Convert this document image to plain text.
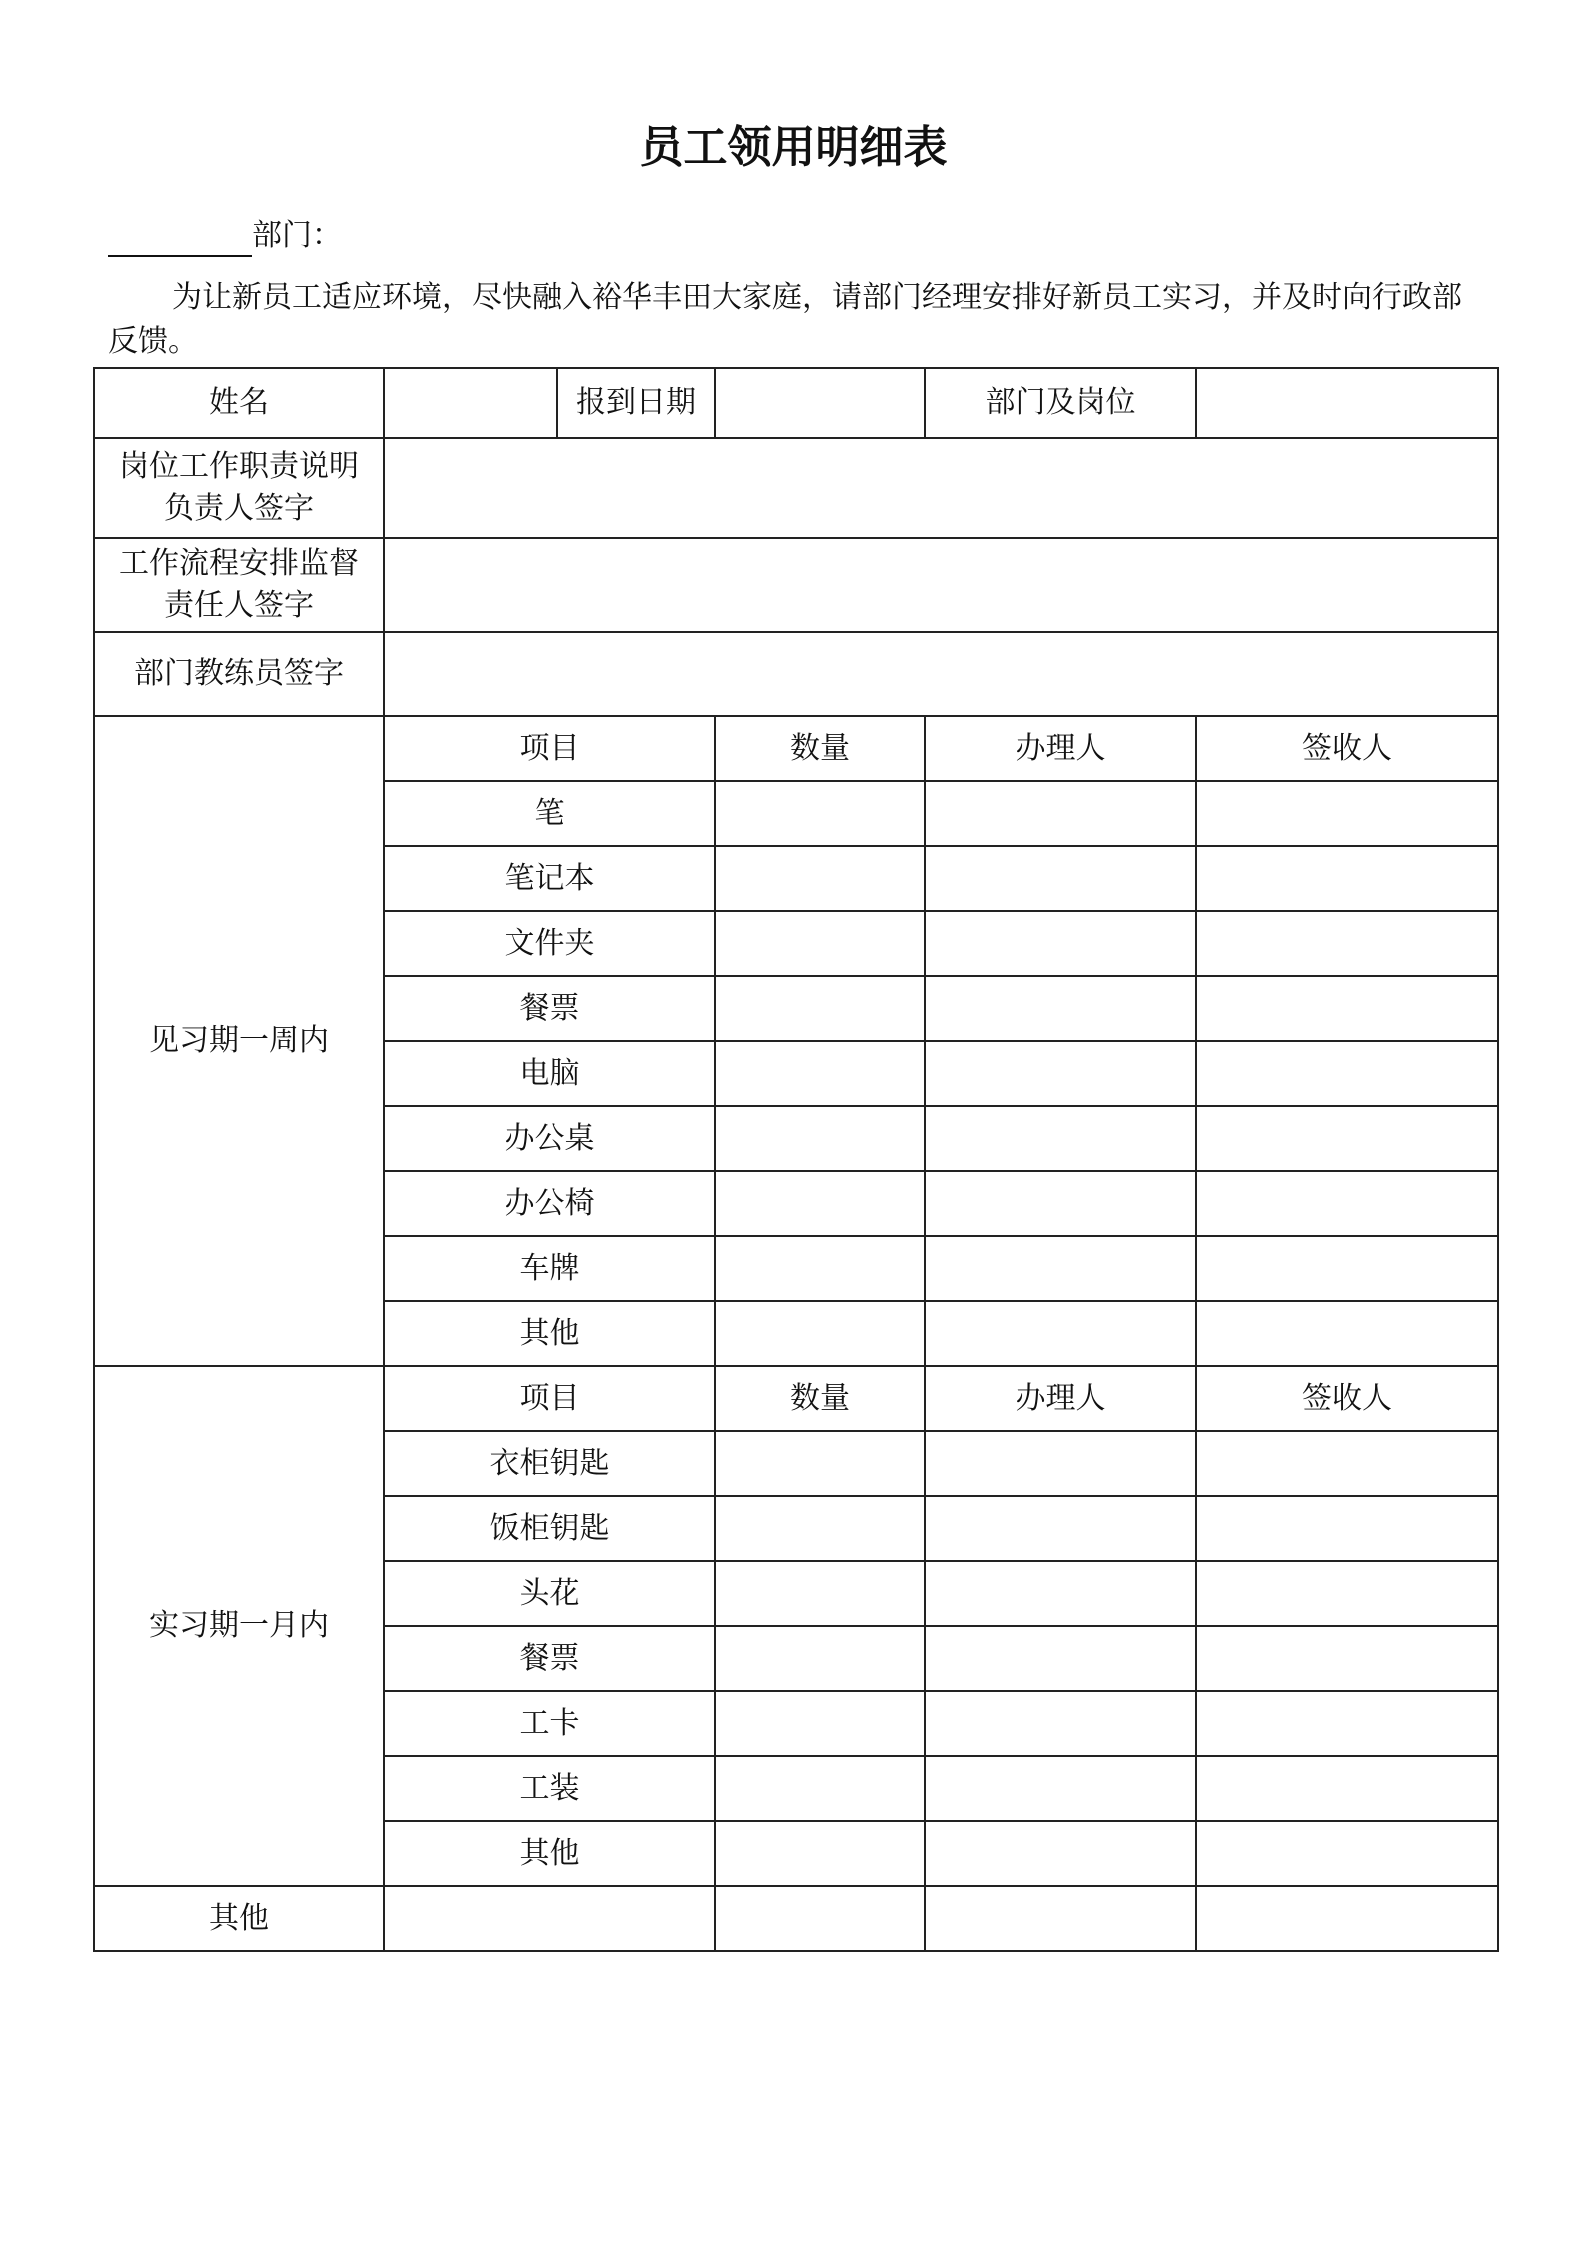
员工领用明细表
部门：
为让新员工适应环境，尽快融入裕华丰田大家庭，请部门经理安排好新员工实习，并及时向行政部反馈。
姓名		报到日期		部门及岗位	

岗位工作职责说明
负责人签字					

工作流程安排监督
责任人签字					

部门教练员签字					

见习期一周内	项目		数量	办理人	签收人
	笔				
	笔记本				
	文件夹				
	餐票				
	电脑				
	办公桌				
	办公椅				
	车牌				
	其他				
实习期一月内	项目		数量	办理人	签收人
	衣柜钥匙				
	饭柜钥匙				
	头花				
	餐票				
	工卡				
	工装				
	其他				
其他					
